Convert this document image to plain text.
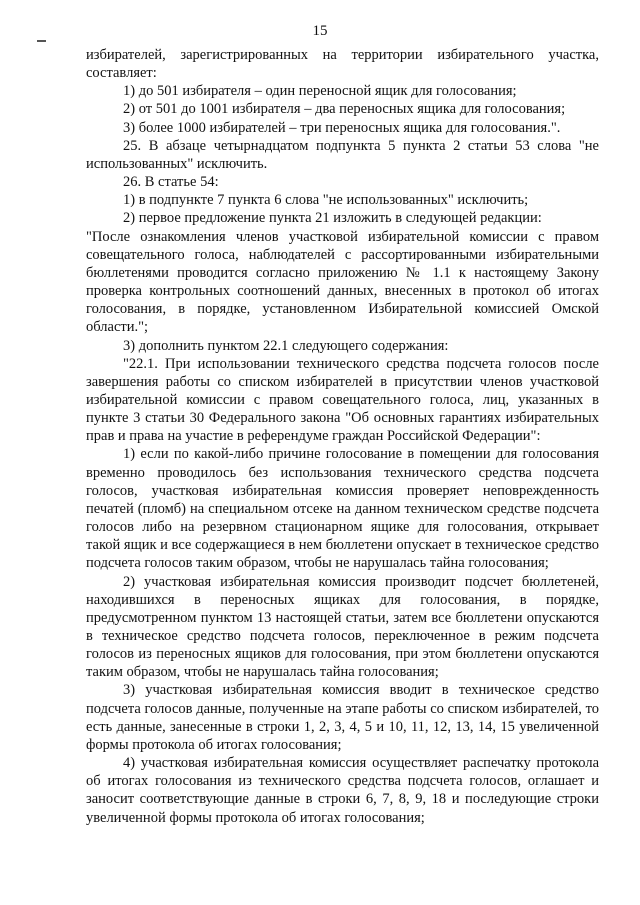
15

избирателей, зарегистрированных на территории избирательного участка, составляет:

1) до 501 избирателя – один переносной ящик для голосования;

2) от 501 до 1001 избирателя – два переносных ящика для голосования;

3) более 1000 избирателей – три переносных ящика для голосования.".

25. В абзаце четырнадцатом подпункта 5 пункта 2 статьи 53 слова "не использованных" исключить.

26. В статье 54:

1) в подпункте 7 пункта 6 слова "не использованных" исключить;

2) первое предложение пункта 21 изложить в следующей редакции:

"После ознакомления членов участковой избирательной комиссии с правом совещательного голоса, наблюдателей с рассортированными избирательными бюллетенями проводится согласно приложению № 1.1 к настоящему Закону проверка контрольных соотношений данных, внесенных в протокол об итогах голосования, в порядке, установленном Избирательной комиссией Омской области.";

3) дополнить пунктом 22.1 следующего содержания:

"22.1. При использовании технического средства подсчета голосов после завершения работы со списком избирателей в присутствии членов участковой избирательной комиссии с правом совещательного голоса, лиц, указанных в пункте 3 статьи 30 Федерального закона "Об основных гарантиях избирательных прав и права на участие в референдуме граждан Российской Федерации":

1) если по какой-либо причине голосование в помещении для голосования временно проводилось без использования технического средства подсчета голосов, участковая избирательная комиссия проверяет неповрежденность печатей (пломб) на специальном отсеке на данном техническом средстве подсчета голосов либо на резервном стационарном ящике для голосования, открывает такой ящик и все содержащиеся в нем бюллетени опускает в техническое средство подсчета голосов таким образом, чтобы не нарушалась тайна голосования;

2) участковая избирательная комиссия производит подсчет бюллетеней, находившихся в переносных ящиках для голосования, в порядке, предусмотренном пунктом 13 настоящей статьи, затем все бюллетени опускаются в техническое средство подсчета голосов, переключенное в режим подсчета голосов из переносных ящиков для голосования, при этом бюллетени опускаются таким образом, чтобы не нарушалась тайна голосования;

3) участковая избирательная комиссия вводит в техническое средство подсчета голосов данные, полученные на этапе работы со списком избирателей, то есть данные, занесенные в строки 1, 2, 3, 4, 5 и 10, 11, 12, 13, 14, 15 увеличенной формы протокола об итогах голосования;

4) участковая избирательная комиссия осуществляет распечатку протокола об итогах голосования из технического средства подсчета голосов, оглашает и заносит соответствующие данные в строки 6, 7, 8, 9, 18 и последующие строки увеличенной формы протокола об итогах голосования;
